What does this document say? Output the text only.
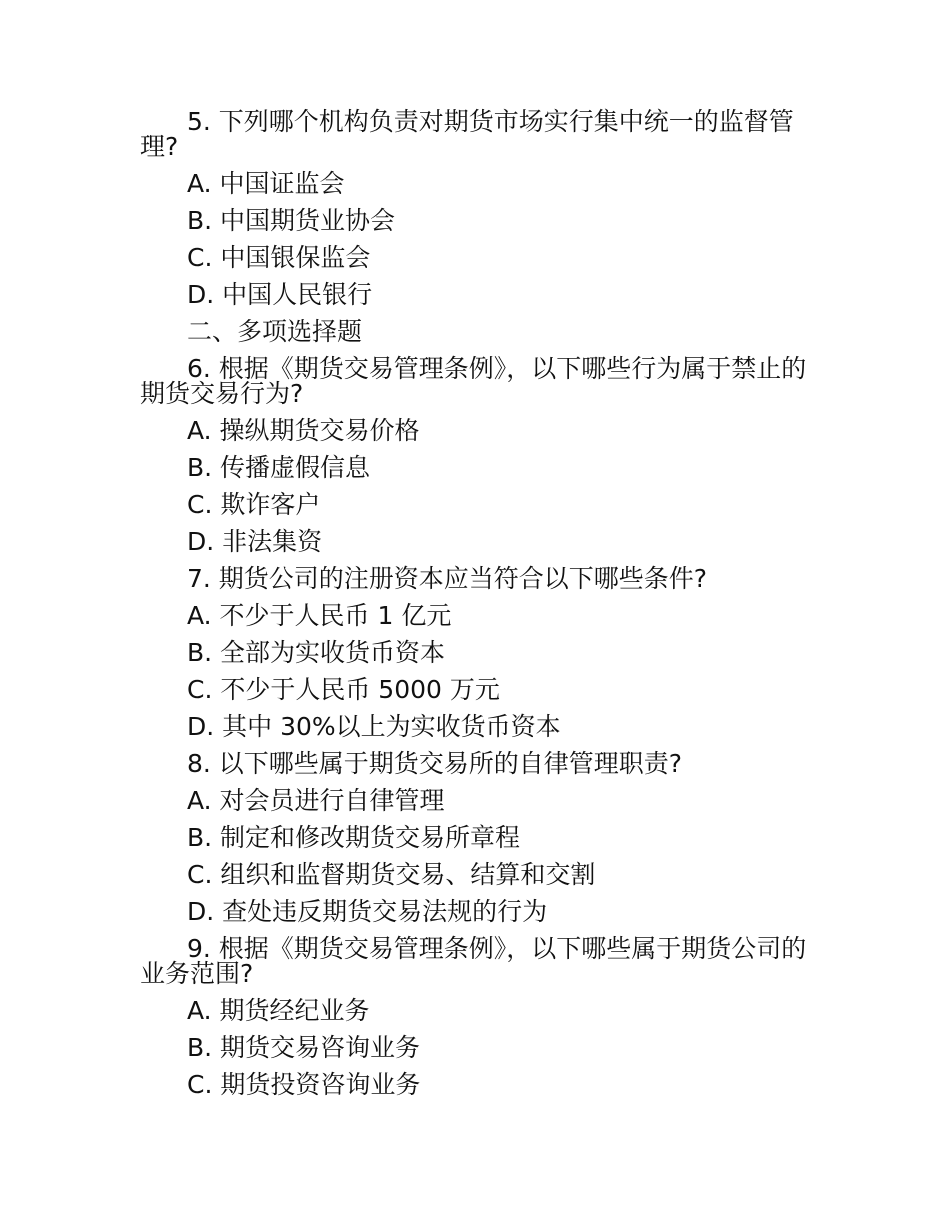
5. 下列哪个机构负责对期货市场实行集中统一的监督管
理?
A. 中国证监会
B. 中国期货业协会
C. 中国银保监会
D. 中国人民银行
二、多项选择题
6. 根据《期货交易管理条例》，以下哪些行为属于禁止的
期货交易行为?
A. 操纵期货交易价格
B. 传播虚假信息
C. 欺诈客户
D. 非法集资
7. 期货公司的注册资本应当符合以下哪些条件?
A. 不少于人民币 1 亿元
B. 全部为实收货币资本
C. 不少于人民币 5000 万元
D. 其中 30%以上为实收货币资本
8. 以下哪些属于期货交易所的自律管理职责?
A. 对会员进行自律管理
B. 制定和修改期货交易所章程
C. 组织和监督期货交易、结算和交割
D. 查处违反期货交易法规的行为
9. 根据《期货交易管理条例》，以下哪些属于期货公司的
业务范围?
A. 期货经纪业务
B. 期货交易咨询业务
C. 期货投资咨询业务
